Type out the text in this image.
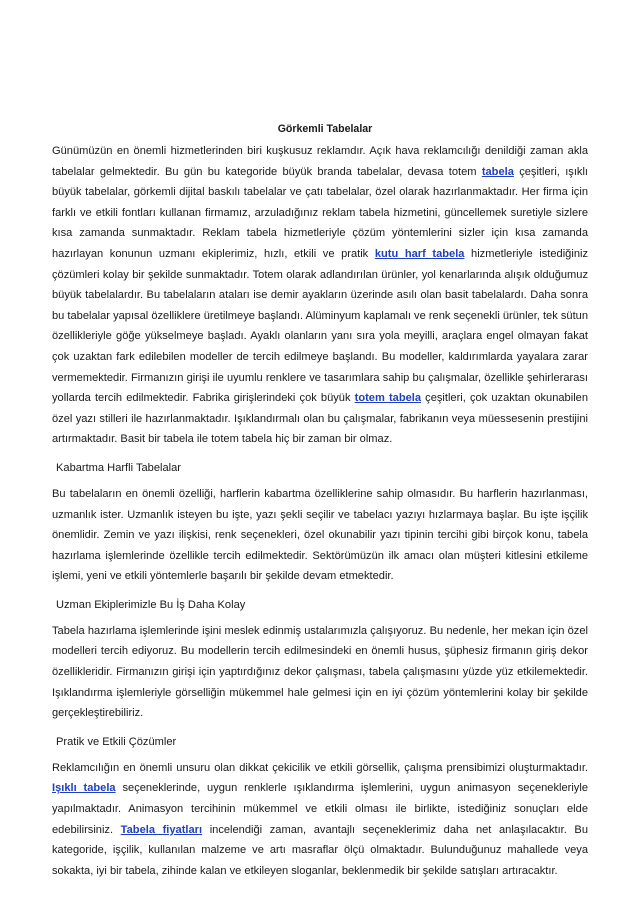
Görkemli Tabelalar

Günümüzün en önemli hizmetlerinden biri kuşkusuz reklamdır. Açık hava reklamcılığı denildiği zaman akla tabelalar gelmektedir. Bu gün bu kategoride büyük branda tabelalar, devasa totem tabela çeşitleri, ışıklı büyük tabelalar, görkemli dijital baskılı tabelalar ve çatı tabelalar, özel olarak hazırlanmaktadır. Her firma için farklı ve etkili fontları kullanan firmamız, arzuladığınız reklam tabela hizmetini, güncellemek suretiyle sizlere kısa zamanda sunmaktadır. Reklam tabela hizmetleriyle çözüm yöntemlerini sizler için kısa zamanda hazırlayan konunun uzmanı ekiplerimiz, hızlı, etkili ve pratik kutu harf tabela hizmetleriyle istediğiniz çözümleri kolay bir şekilde sunmaktadır. Totem olarak adlandırılan ürünler, yol kenarlarında alışık olduğumuz büyük tabelalardır. Bu tabelaların ataları ise demir ayakların üzerinde asılı olan basit tabelalardı. Daha sonra bu tabelalar yapısal özelliklere üretilmeye başlandı. Alüminyum kaplamalı ve renk seçenekli ürünler, tek sütun özellikleriyle göğe yükselmeye başladı. Ayaklı olanların yanı sıra yola meyilli, araçlara engel olmayan fakat çok uzaktan fark edilebilen modeller de tercih edilmeye başlandı. Bu modeller, kaldırımlarda yayalara zarar vermemektedir. Firmanızın girişi ile uyumlu renklere ve tasarımlara sahip bu çalışmalar, özellikle şehirlerarası yollarda tercih edilmektedir. Fabrika girişlerindeki çok büyük totem tabela çeşitleri, çok uzaktan okunabilen özel yazı stilleri ile hazırlanmaktadır. Işıklandırmalı olan bu çalışmalar, fabrikanın veya müessesenin prestijini artırmaktadır. Basit bir tabela ile totem tabela hiç bir zaman bir olmaz.

Kabartma Harfli Tabelalar

Bu tabelaların en önemli özelliği, harflerin kabartma özelliklerine sahip olmasıdır. Bu harflerin hazırlanması, uzmanlık ister. Uzmanlık isteyen bu işte, yazı şekli seçilir ve tabelacı yazıyı hızlarmaya başlar. Bu işte işçilik önemlidir. Zemin ve yazı ilişkisi, renk seçenekleri, özel okunabilir yazı tipinin tercihi gibi birçok konu, tabela hazırlama işlemlerinde özellikle tercih edilmektedir. Sektörümüzün ilk amacı olan müşteri kitlesini etkileme işlemi, yeni ve etkili yöntemlerle başarılı bir şekilde devam etmektedir.

Uzman Ekiplerimizle Bu İş Daha Kolay

Tabela hazırlama işlemlerinde işini meslek edinmiş ustalarımızla çalışıyoruz. Bu nedenle, her mekan için özel modelleri tercih ediyoruz. Bu modellerin tercih edilmesindeki en önemli husus, şüphesiz firmanın giriş dekor özellikleridir. Firmanızın girişi için yaptırdığınız dekor çalışması, tabela çalışmasını yüzde yüz etkilemektedir. Işıklandırma işlemleriyle görselliğin mükemmel hale gelmesi için en iyi çözüm yöntemlerini kolay bir şekilde gerçekleştirebiliriz.

Pratik ve Etkili Çözümler

Reklamcılığın en önemli unsuru olan dikkat çekicilik ve etkili görsellik, çalışma prensibimizi oluşturmaktadır. Işıklı tabela seçeneklerinde, uygun renklerle ışıklandırma işlemlerini, uygun animasyon seçenekleriyle yapılmaktadır. Animasyon tercihinin mükemmel ve etkili olması ile birlikte, istediğiniz sonuçları elde edebilirsiniz. Tabela fiyatları incelendiği zaman, avantajlı seçeneklerimiz daha net anlaşılacaktır. Bu kategoride, işçilik, kullanılan malzeme ve artı masraflar ölçü olmaktadır. Bulunduğunuz mahallede veya sokakta, iyi bir tabela, zihinde kalan ve etkileyen sloganlar, beklenmedik bir şekilde satışları artıracaktır.
